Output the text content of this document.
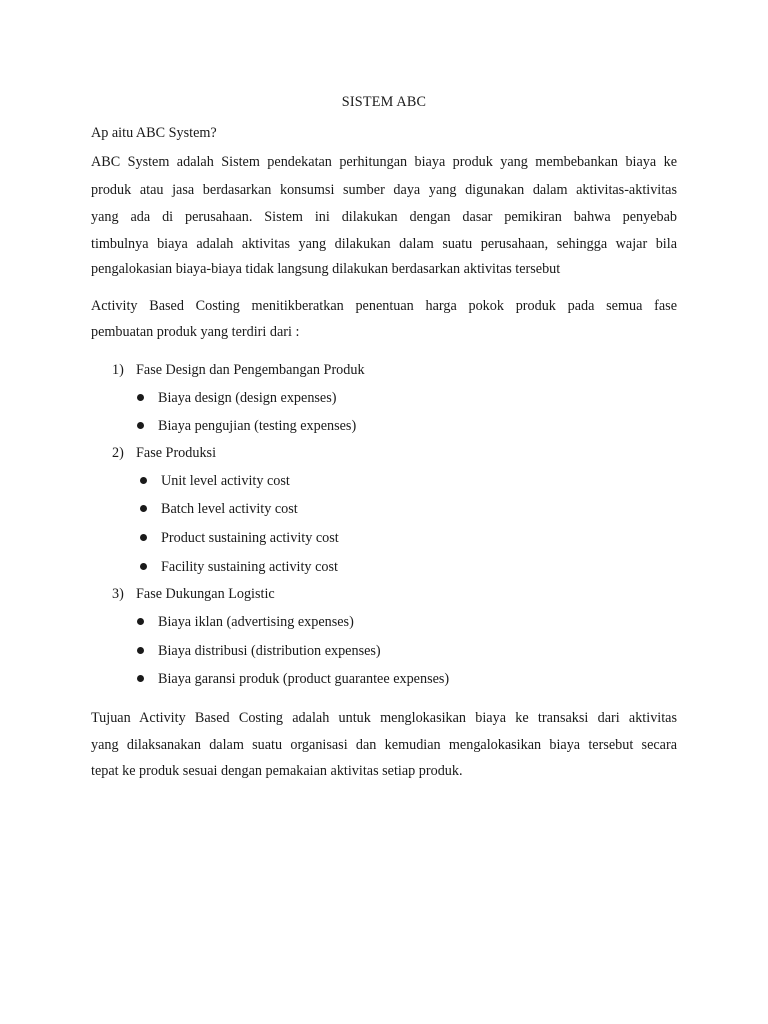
SISTEM ABC
Ap aitu ABC System?
ABC System adalah Sistem pendekatan perhitungan biaya produk yang membebankan biaya ke
produk atau jasa berdasarkan konsumsi sumber daya yang digunakan dalam aktivitas-aktivitas
yang ada di perusahaan. Sistem ini dilakukan dengan dasar pemikiran bahwa penyebab
timbulnya biaya adalah aktivitas yang dilakukan dalam suatu perusahaan, sehingga wajar bila
pengalokasian biaya-biaya tidak langsung dilakukan berdasarkan aktivitas tersebut
Activity Based Costing menitikberatkan penentuan harga pokok produk pada semua fase
pembuatan produk yang terdiri dari :
1) Fase Design dan Pengembangan Produk
Biaya design (design expenses)
Biaya pengujian (testing expenses)
2) Fase Produksi
Unit level activity cost
Batch level activity cost
Product sustaining activity cost
Facility sustaining activity cost
3) Fase Dukungan Logistic
Biaya iklan (advertising expenses)
Biaya distribusi (distribution expenses)
Biaya garansi produk (product guarantee expenses)
Tujuan Activity Based Costing adalah untuk menglokasikan biaya ke transaksi dari aktivitas
yang dilaksanakan dalam suatu organisasi dan kemudian mengalokasikan biaya tersebut secara
tepat ke produk sesuai dengan pemakaian aktivitas setiap produk.
